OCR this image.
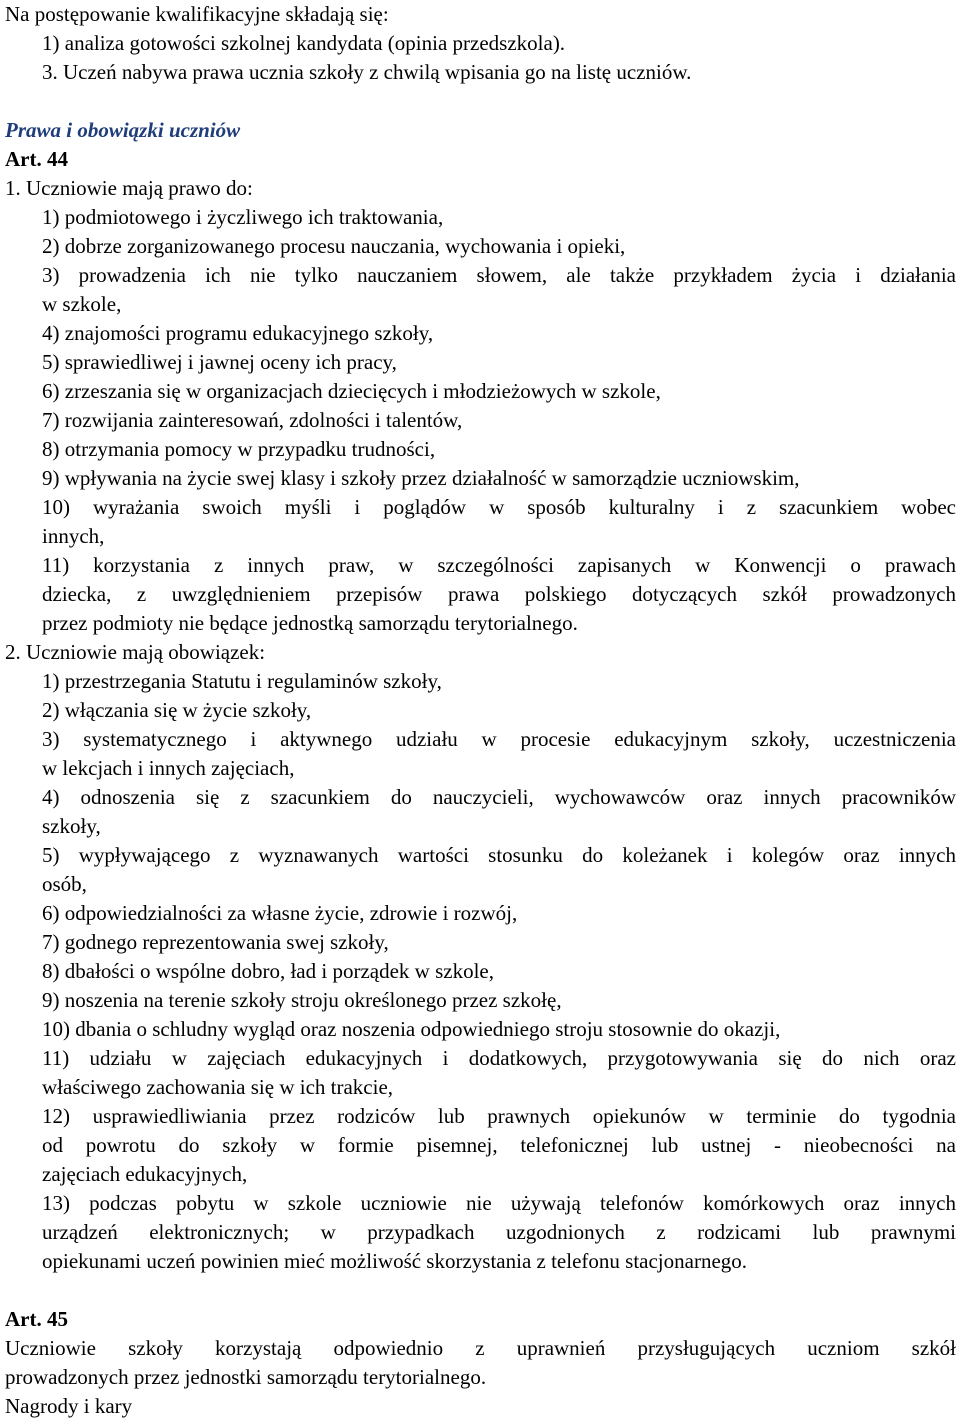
Na postępowanie kwalifikacyjne składają się:

1) analiza gotowości szkolnej kandydata (opinia przedszkola).

3. Uczeń nabywa prawa ucznia szkoły z chwilą wpisania go na listę uczniów.

Prawa i obowiązki uczniów

Art. 44

1. Uczniowie mają prawo do:

1) podmiotowego i życzliwego ich traktowania,

2) dobrze zorganizowanego procesu nauczania, wychowania i opieki,

3) prowadzenia ich nie tylko nauczaniem słowem, ale także przykładem życia i działania

w szkole,

4) znajomości programu edukacyjnego szkoły,

5) sprawiedliwej i jawnej oceny ich pracy,

6) zrzeszania się w organizacjach dziecięcych i młodzieżowych w szkole,

7) rozwijania zainteresowań, zdolności i talentów,

8) otrzymania pomocy w przypadku trudności,

9) wpływania na życie swej klasy i szkoły przez działalność w samorządzie uczniowskim,

10) wyrażania swoich myśli i poglądów w sposób kulturalny i z szacunkiem wobec

innych,

11) korzystania z innych praw, w szczególności zapisanych w Konwencji o prawach

dziecka, z uwzględnieniem przepisów prawa polskiego dotyczących szkół prowadzonych

przez podmioty nie będące jednostką samorządu terytorialnego.

2. Uczniowie mają obowiązek:

1) przestrzegania Statutu i regulaminów szkoły,

2) włączania się w życie szkoły,

3) systematycznego i aktywnego udziału w procesie edukacyjnym szkoły, uczestniczenia

w lekcjach i innych zajęciach,

4) odnoszenia się z szacunkiem do nauczycieli, wychowawców oraz innych pracowników

szkoły,

5) wypływającego z wyznawanych wartości stosunku do koleżanek i kolegów oraz innych

osób,

6) odpowiedzialności za własne życie, zdrowie i rozwój,

7) godnego reprezentowania swej szkoły,

8) dbałości o wspólne dobro, ład i porządek w szkole,

9) noszenia na terenie szkoły stroju określonego przez szkołę,

10) dbania o schludny wygląd oraz noszenia odpowiedniego stroju stosownie do okazji,

11) udziału w zajęciach edukacyjnych i dodatkowych, przygotowywania się do nich oraz

właściwego zachowania się w ich trakcie,

12) usprawiedliwiania przez rodziców lub prawnych opiekunów w terminie do tygodnia

od powrotu do szkoły w formie pisemnej, telefonicznej lub ustnej - nieobecności na

zajęciach edukacyjnych,

13) podczas pobytu w szkole uczniowie nie używają telefonów komórkowych oraz innych

urządzeń elektronicznych; w przypadkach uzgodnionych z rodzicami lub prawnymi

opiekunami uczeń powinien mieć możliwość skorzystania z telefonu stacjonarnego.

Art. 45

Uczniowie szkoły korzystają odpowiednio z uprawnień przysługujących uczniom szkół

prowadzonych przez jednostki samorządu terytorialnego.

Nagrody i kary
